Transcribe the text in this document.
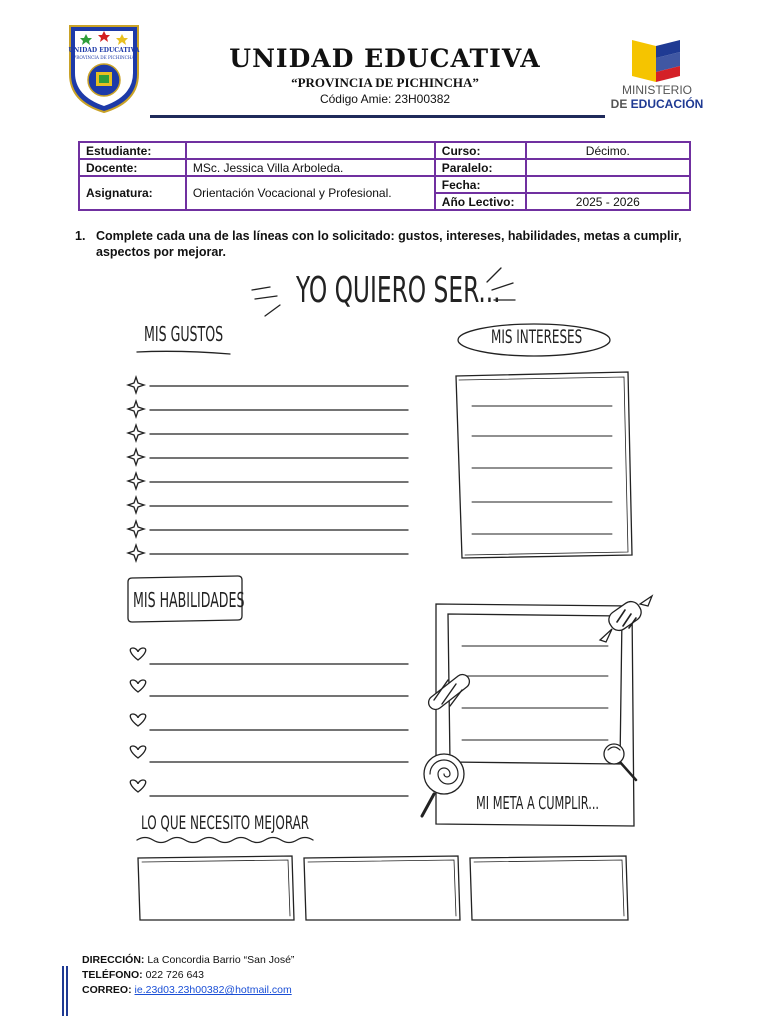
UNIDAD EDUCATIVA
PROVINCIA DE PICHINCHA
1984
UNIDAD EDUCATIVA
“PROVINCIA DE PICHINCHA”
Código Amie: 23H00382
MINISTERIO
DE EDUCACIÓN
Estudiante:		Curso:	Décimo.
Docente:	MSc. Jessica Villa Arboleda.	Paralelo:	
Asignatura:	Orientación Vocacional y Profesional.	Fecha:	
		Año Lectivo:	2025 - 2026
1. Complete cada una de las líneas con lo solicitado: gustos, intereses, habilidades, metas a cumplir,
aspectos por mejorar.
YO QUIERO SER...
MIS GUSTOS	MIS INTERESES
MIS HABILIDADES
MI META A CUMPLIR...
LO QUE NECESITO MEJORAR
DIRECCIÓN: La Concordia Barrio “San José”
TELÉFONO: 022 726 643
CORREO: ie.23d03.23h00382@hotmail.com
